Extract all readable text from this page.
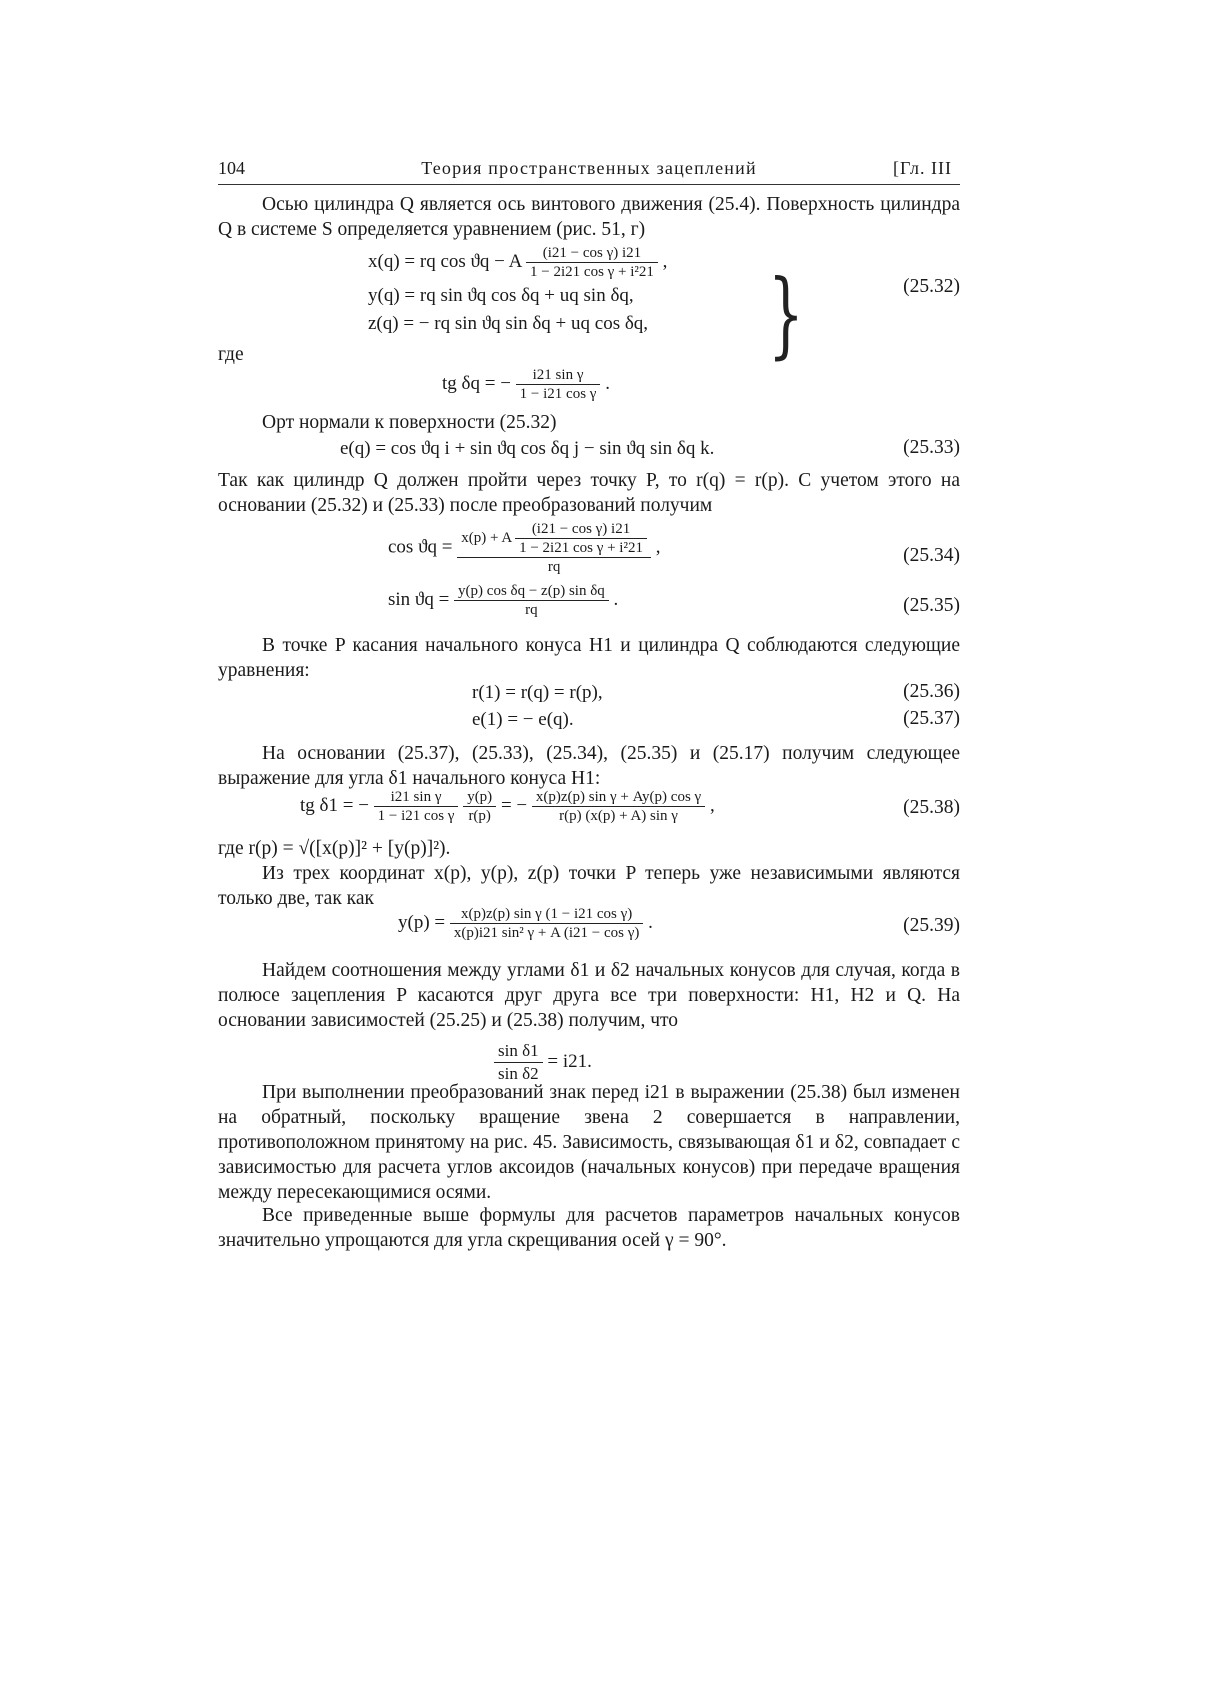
104	Теория пространственных зацеплений	[Гл. III

Осью цилиндра Q является ось винтового движения (25.4). Поверхность цилиндра Q в системе S определяется уравнением (рис. 51, г)

x(q) = rq cos ϑq − A $\frac{\text{(i21 − cos γ) i21}}{\text{1 − 2i21 cos γ + i²21}}$ ,
y(q) = rq sin ϑq cos δq + uq sin δq,
z(q) = − rq sin ϑq sin δq + uq cos δq, }	(25.32)
где
tg δq = − $\frac{\text{i21 sin γ}}{\text{1 − i21 cos γ}}$ .

Орт нормали к поверхности (25.32)

e(q) = cos ϑq i + sin ϑq cos δq j − sin ϑq sin δq k.	(25.33)

Так как цилиндр Q должен пройти через точку P, то r(q) = r(p). С учетом этого на основании (25.32) и (25.33) после преобразований получим

$\cos ϑq = \frac{x(p) + A \frac{\text{(i21 − cos γ) i21}}{\text{1 − 2i21 cos γ + i²21}}}{rq}$ ,	(25.34)
$\sin ϑq = \frac{\text{y(p) cos δq − z(p) sin δq}}{rq}$ .	(25.35)

В точке P касания начального конуса H1 и цилиндра Q соблюдаются следующие уравнения:

r(1) = r(q) = r(p),	(25.36)
e(1) = − e(q).	(25.37)

На основании (25.37), (25.33), (25.34), (25.35) и (25.17) получим следующее выражение для угла δ1 начального конуса H1:

tg δ1 = − $\frac{\text{i21 sin γ}}{\text{1 − i21 cos γ}}$
$\frac{y(p)}{r(p)}$ = − $\frac{\text{x(p)z(p) sin γ + Ay(p) cos γ}}{\text{r(p) (x(p) + A) sin γ}}$ ,	(25.38)
где r(p) = √([x(p)]² + [y(p)]²).

Из трех координат x(p), y(p), z(p) точки P теперь уже независимыми являются только две, так как

$y(p) = \frac{\text{x(p)z(p) sin γ (1 − i21 cos γ)}}{\text{x(p)i21 sin² γ + A (i21 − cos γ)}}$ .	(25.39)

Найдем соотношения между углами δ1 и δ2 начальных конусов для случая, когда в полюсе зацепления P касаются друг друга все три поверхности: H1, H2 и Q. На основании зависимостей (25.25) и (25.38) получим, что

$\frac{\text{sin δ1}}{\text{sin δ2}} = i21$.

При выполнении преобразований знак перед i21 в выражении (25.38) был изменен на обратный, поскольку вращение звена 2 совершается в направлении, противоположном принятому на рис. 45. Зависимость, связывающая δ1 и δ2, совпадает с зависимостью для расчета углов аксоидов (начальных конусов) при передаче вращения между пересекающимися осями.

Все приведенные выше формулы для расчетов параметров начальных конусов значительно упрощаются для угла скрещивания осей γ = 90°.
